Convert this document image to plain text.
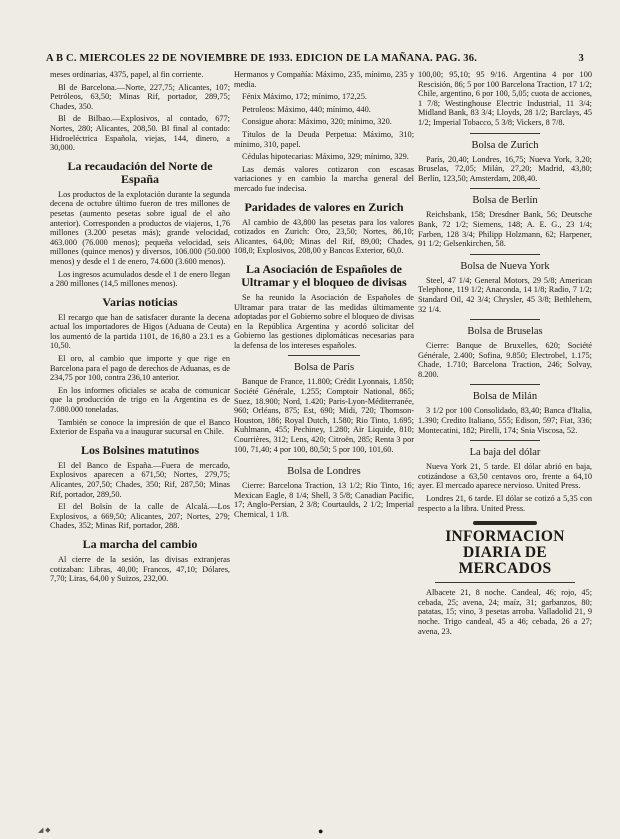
A B C. MIERCOLES 22 DE NOVIEMBRE DE 1933. EDICION DE LA MAÑANA. PAG. 36.	3

meses ordinarias, 4375, papel, al fin corriente.

Bl de Barcelona.—Norte, 227,75; Alicantes, 107; Petróleos, 63,50; Minas Rif, portador, 289,75; Chades, 350.

Bl de Bilbao.—Explosivos, al contado, 677; Nortes, 280; Alicantes, 208,50. Bl final al contado: Hidroeléctrica Española, viejas, 144, dinero, a 30,000.

La recaudación del Norte de España

Los productos de la explotación durante la segunda decena de octubre último fueron de tres millones de pesetas (aumento pesetas sobre igual de el año anterior). Corresponden a productos de viajeros, 1,76 millones (3.200 pesetas más); grande velocidad, 463.000 (76.000 menos); pequeña velocidad, seis millones (quince menos) y diversos, 106.000 (50.000 menos) y desde el 1 de enero, 74.600 (3.600 menos).

Los ingresos acumulados desde el 1 de enero llegan a 280 millones (14,5 millones menos).

Varias noticias

El recargo que han de satisfacer durante la decena actual los importadores de Higos (Aduana de Ceuta) los aumentó de la partida 1101, de 16,80 a 23.1 es a 10,50.

El oro, al cambio que importe y que rige en Barcelona para el pago de derechos de Aduanas, es de 234,75 por 100, contra 236,10 anterior.

En los informes oficiales se acaba de comunicar que la producción de trigo en la Argentina es de 7.080.000 toneladas.

También se conoce la impresión de que el Banco Exterior de España va a inaugurar sucursal en Chile.

Los Bolsines matutinos

El del Banco de España.—Fuera de mercado, Explosivos aparecen a 671,50; Nortes, 279,75; Alicantes, 207,50; Chades, 350; Rif, 287,50; Minas Rif, portador, 289,50.

El del Bolsín de la calle de Alcalá.—Los Explosivos, a 669,50; Alicantes, 207; Nortes, 279; Chades, 352; Minas Rif, portador, 288.

La marcha del cambio

Al cierre de la sesión, las divisas extranjeras cotizaban: Libras, 40,00; Francos, 47,10; Dólares, 7,70; Liras, 64,00 y Suizos, 232,00.

Hermanos y Compañía: Máximo, 235, mínimo, 235 y media.

Fénix Máximo, 172; mínimo, 172,25.

Petroleos: Máximo, 440; mínimo, 440.

Consigue ahora: Máximo, 320; mínimo, 320.

Títulos de la Deuda Perpetua: Máximo, 310; mínimo, 310, papel.

Cédulas hipotecarias: Máximo, 329; mínimo, 329.

Las demás valores cotizaron con escasas variaciones y en cambio la marcha general del mercado fue indecisa.

Paridades de valores en Zurich

Al cambio de 43,800 las pesetas para los valores cotizados en Zurich: Oro, 23,50; Nortes, 86,10; Alicantes, 64,00; Minas del Rif, 89,00; Chades, 108,0; Explosivos, 208,00 y Bancos Exterior, 60,0.

La Asociación de Españoles de Ultramar y el bloqueo de divisas

Se ha reunido la Asociación de Españoles de Ultramar para tratar de las medidas últimamente adoptadas por el Gobierno sobre el bloqueo de divisas en la República Argentina y acordó solicitar del Gobierno las gestiones diplomáticas necesarias para la defensa de los intereses españoles.

Bolsa de París

Banque de France, 11.800; Crédit Lyonnais, 1.850; Société Générale, 1.255; Comptoir National, 865; Suez, 18.900; Nord, 1.420; Paris-Lyon-Méditerranée, 960; Orléans, 875; Est, 690; Midi, 720; Thomson-Houston, 186; Royal Dutch, 1.580; Rio Tinto, 1.695; Kuhlmann, 455; Pechiney, 1.280; Air Liquide, 810; Courrières, 312; Lens, 420; Citroën, 285; Renta 3 por 100, 71,40; 4 por 100, 80,50; 5 por 100, 101,60.

Bolsa de Londres

Cierre: Barcelona Traction, 13 1/2; Rio Tinto, 16; Mexican Eagle, 8 1/4; Shell, 3 5/8; Canadian Pacific, 17; Anglo-Persian, 2 3/8; Courtaulds, 2 1/2; Imperial Chemical, 1 1/8.

100,00; 95,10; 95 9/16. Argentina 4 por 100 Rescisión, 86; 5 por 100 Barcelona Traction, 17 1/2; Chile, argentino, 6 por 100, 5,05; cuota de acciones, 1 7/8; Westinghouse Electric Industrial, 11 3/4; Midland Bank, 83 3/4; Lloyds, 28 1/2; Barclays, 45 1/2; Imperial Tobacco, 5 3/8; Vickers, 8 7/8.

Bolsa de Zurich

París, 20,40; Londres, 16,75; Nueva York, 3,20; Bruselas, 72,05; Milán, 27,20; Madrid, 43,80; Berlín, 123,50; Amsterdam, 208,40.

Bolsa de Berlín

Reichsbank, 158; Dresdner Bank, 56; Deutsche Bank, 72 1/2; Siemens, 148; A. E. G., 23 1/4; Farben, 128 3/4; Philipp Holzmann, 62; Harpener, 91 1/2; Gelsenkirchen, 58.

Bolsa de Nueva York

Steel, 47 1/4; General Motors, 29 5/8; American Telephone, 119 1/2; Anaconda, 14 1/8; Radio, 7 1/2; Standard Oil, 42 3/4; Chrysler, 45 3/8; Bethlehem, 32 1/4.

Bolsa de Bruselas

Cierre: Banque de Bruxelles, 620; Société Générale, 2.400; Sofina, 9.850; Electrobel, 1.175; Chade, 1.710; Barcelona Traction, 246; Solvay, 8.200.

Bolsa de Milán

3 1/2 por 100 Consolidado, 83,40; Banca d'Italia, 1.390; Credito Italiano, 555; Edison, 597; Fiat, 336; Montecatini, 182; Pirelli, 174; Snia Viscosa, 52.

La baja del dólar

Nueva York 21, 5 tarde. El dólar abrió en baja, cotizándose a 63,50 centavos oro, frente a 64,10 ayer. El mercado aparece nervioso. United Press.

Londres 21, 6 tarde. El dólar se cotizó a 5,35 con respecto a la libra. United Press.

INFORMACION DIARIA DE MERCADOS

Albacete 21, 8 noche. Candeal, 46; rojo, 45; cebada, 25; avena, 24; maíz, 31; garbanzos, 80; patatas, 15; vino, 3 pesetas arroba. Valladolid 21, 9 noche. Trigo candeal, 45 a 46; cebada, 26 a 27; avena, 23.

◢ ◆	●
